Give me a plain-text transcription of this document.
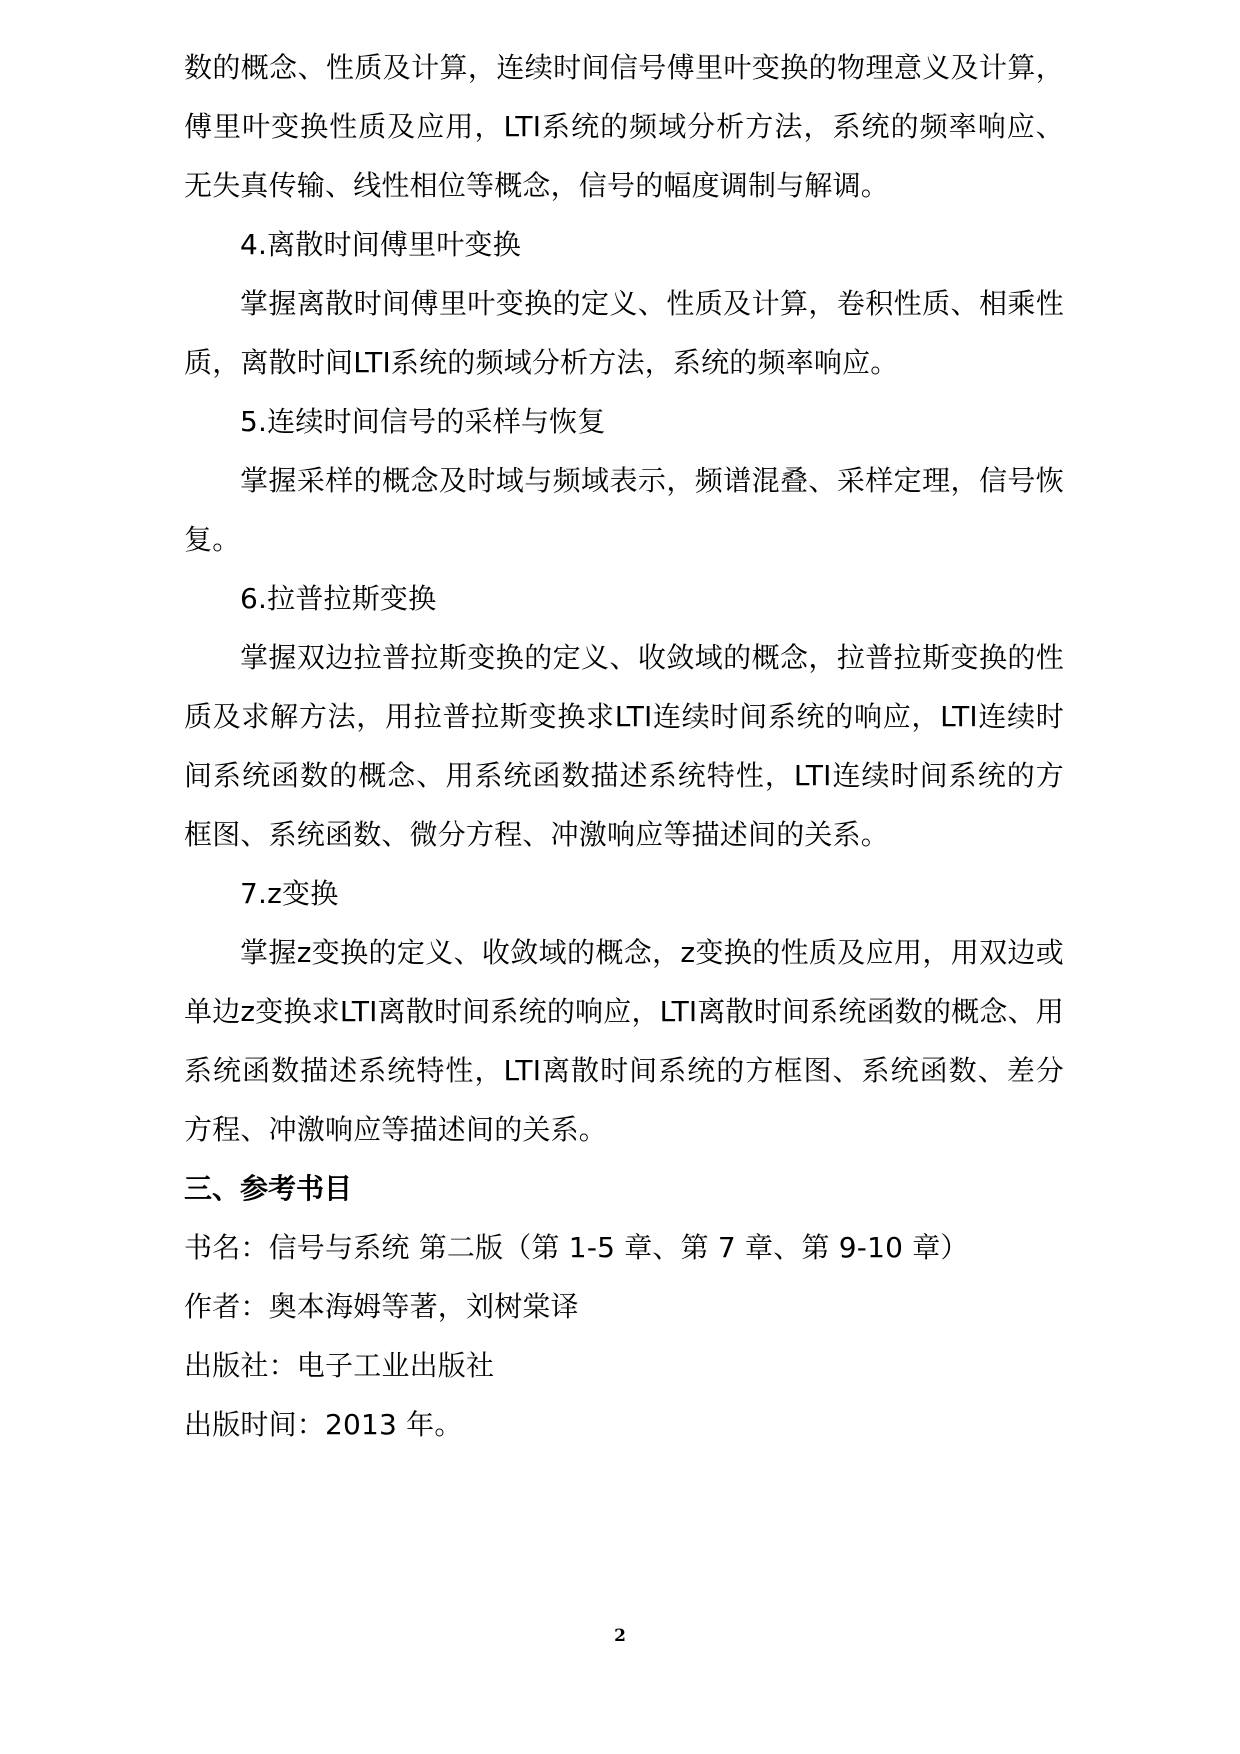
数的概念、性质及计算，连续时间信号傅里叶变换的物理意义及计算，傅里叶变换性质及应用，LTI系统的频域分析方法，系统的频率响应、无失真传输、线性相位等概念，信号的幅度调制与解调。

4.离散时间傅里叶变换

掌握离散时间傅里叶变换的定义、性质及计算，卷积性质、相乘性质，离散时间LTI系统的频域分析方法，系统的频率响应。

5.连续时间信号的采样与恢复

掌握采样的概念及时域与频域表示，频谱混叠、采样定理，信号恢复。

6.拉普拉斯变换

掌握双边拉普拉斯变换的定义、收敛域的概念，拉普拉斯变换的性质及求解方法，用拉普拉斯变换求LTI连续时间系统的响应，LTI连续时间系统函数的概念、用系统函数描述系统特性，LTI连续时间系统的方框图、系统函数、微分方程、冲激响应等描述间的关系。

7.z变换

掌握z变换的定义、收敛域的概念，z变换的性质及应用，用双边或单边z变换求LTI离散时间系统的响应，LTI离散时间系统函数的概念、用系统函数描述系统特性，LTI离散时间系统的方框图、系统函数、差分方程、冲激响应等描述间的关系。

三、参考书目

书名：信号与系统 第二版（第 1-5 章、第 7 章、第 9-10 章）

作者：奥本海姆等著，刘树棠译

出版社：电子工业出版社

出版时间：2013 年。

2
